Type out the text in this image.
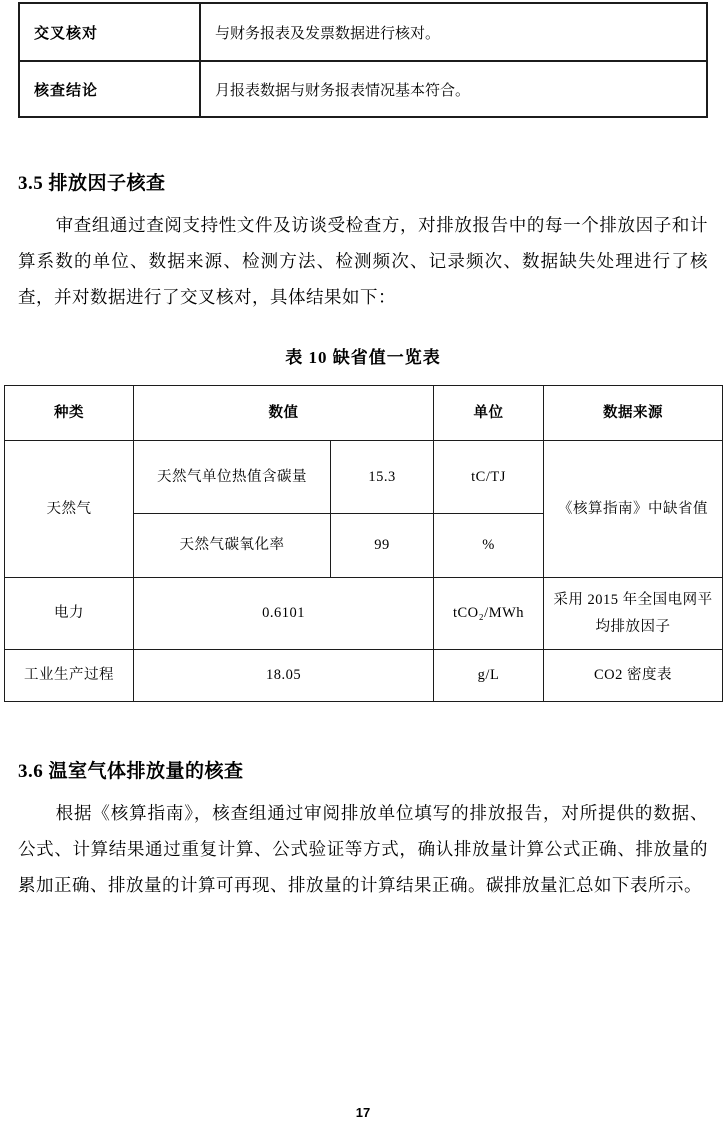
交叉核对	与财务报表及发票数据进行核对。
核查结论	月报表数据与财务报表情况基本符合。
3.5 排放因子核查

审查组通过查阅支持性文件及访谈受检查方，对排放报告中的每一个排放因子和计算系数的单位、数据来源、检测方法、检测频次、记录频次、数据缺失处理进行了核查，并对数据进行了交叉核对，具体结果如下：

表 10 缺省值一览表
种类	数值		单位	数据来源
天然气	天然气单位热值含碳量	15.3	tC/TJ	《核算指南》中缺省值
	天然气碳氧化率	99	%	
电力	0.6101		tCO₂/MWh	采用 2015 年全国电网平均排放因子
工业生产过程	18.05		g/L	CO2 密度表
3.6 温室气体排放量的核查

根据《核算指南》，核查组通过审阅排放单位填写的排放报告，对所提供的数据、公式、计算结果通过重复计算、公式验证等方式，确认排放量计算公式正确、排放量的累加正确、排放量的计算可再现、排放量的计算结果正确。碳排放量汇总如下表所示。

17
